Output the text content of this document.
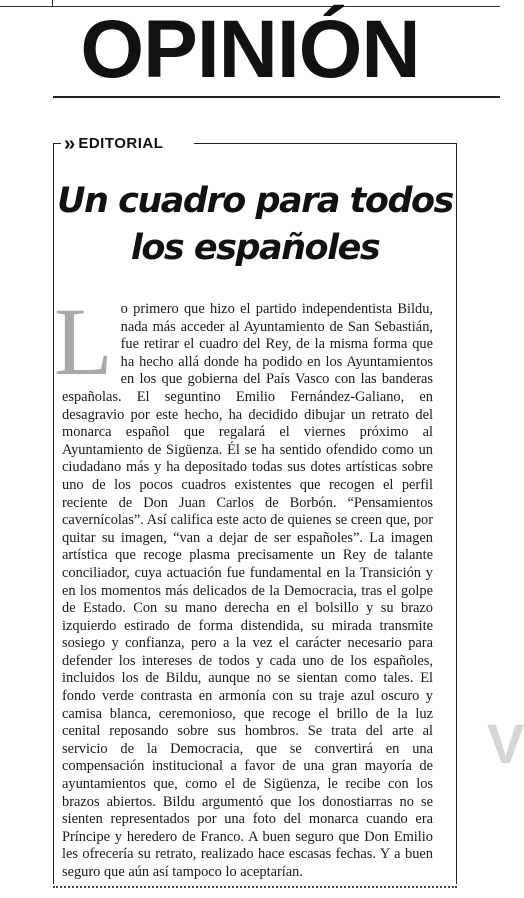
OPINIÓN
›› EDITORIAL
Un cuadro para todos los españoles
L o primero que hizo el partido independentista Bildu, nada más acceder al Ayuntamiento de San Sebastián, fue retirar el cuadro del Rey, de la misma forma que ha hecho allá donde ha podido en los Ayuntamientos en los que gobierna del País Vasco con las banderas españolas. El seguntino Emilio Fernández-Galiano, en desagravio por este hecho, ha decidido dibujar un retrato del monarca español que regalará el viernes próximo al Ayuntamiento de Sigüenza. Él se ha sentido ofendido como un ciudadano más y ha depositado todas sus dotes artísticas sobre uno de los pocos cuadros existentes que recogen el perfil reciente de Don Juan Carlos de Borbón. “Pensamientos cavernícolas”. Así califica este acto de quienes se creen que, por quitar su imagen, “van a dejar de ser españoles”. La imagen artística que recoge plasma precisamente un Rey de talante conciliador, cuya actuación fue fundamental en la Transición y en los momentos más delicados de la Democracia, tras el golpe de Estado. Con su mano derecha en el bolsillo y su brazo izquierdo estirado de forma distendida, su mirada transmite sosiego y confianza, pero a la vez el carácter necesario para defender los intereses de todos y cada uno de los españoles, incluidos los de Bildu, aunque no se sientan como tales. El fondo verde contrasta en armonía con su traje azul oscuro y camisa blanca, ceremonioso, que recoge el brillo de la luz cenital reposando sobre sus hombros. Se trata del arte al servicio de la Democracia, que se convertirá en una compensación institucional a favor de una gran mayoría de ayuntamientos que, como el de Sigüenza, le recibe con los brazos abiertos. Bildu argumentó que los donostiarras no se sienten representados por una foto del monarca cuando era Príncipe y heredero de Franco. A buen seguro que Don Emilio les ofrecería su retrato, realizado hace escasas fechas. Y a buen seguro que aún así tampoco lo aceptarían.
V
